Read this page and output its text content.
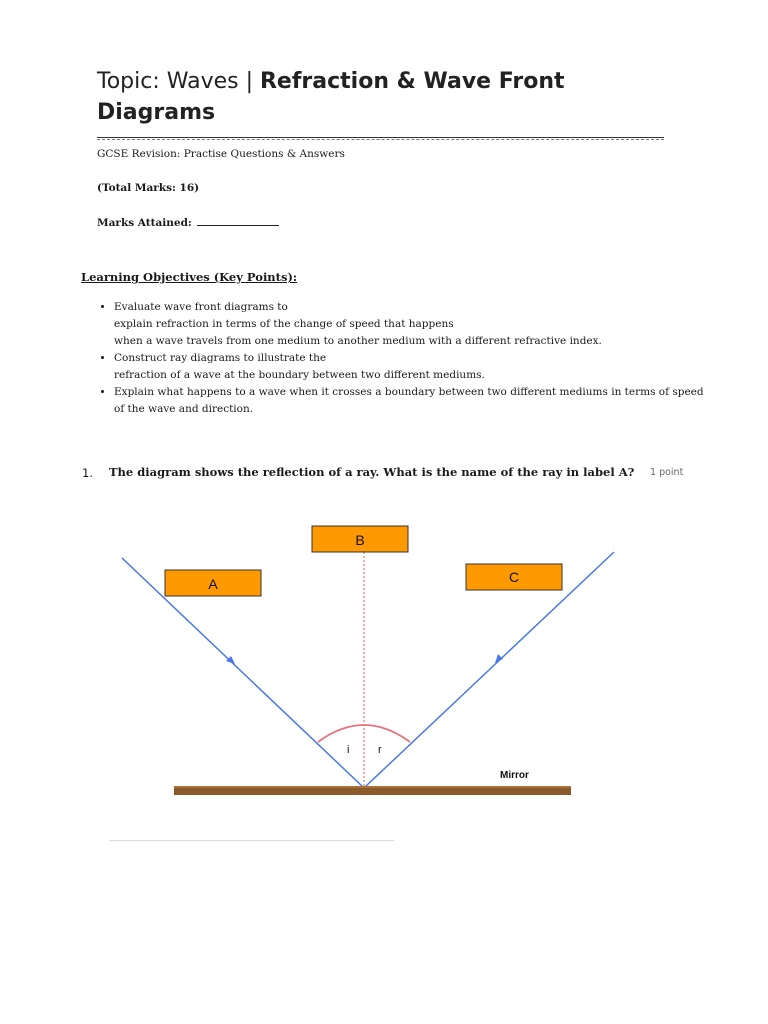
Topic: Waves | Refraction & Wave Front
Diagrams
GCSE Revision: Practise Questions & Answers
(Total Marks: 16)
Marks Attained:
Learning Objectives (Key Points):
• Evaluate wave front diagrams to
explain refraction in terms of the change of speed that happens
when a wave travels from one medium to another medium with a different refractive index.
• Construct ray diagrams to illustrate the
refraction of a wave at the boundary between two different mediums.
• Explain what happens to a wave when it crosses a boundary between two different mediums in terms of speed
of the wave and direction.
1. The diagram shows the reflection of a ray. What is the name of the ray in label A? 1 point
i	r
Mirror
B
A	C
